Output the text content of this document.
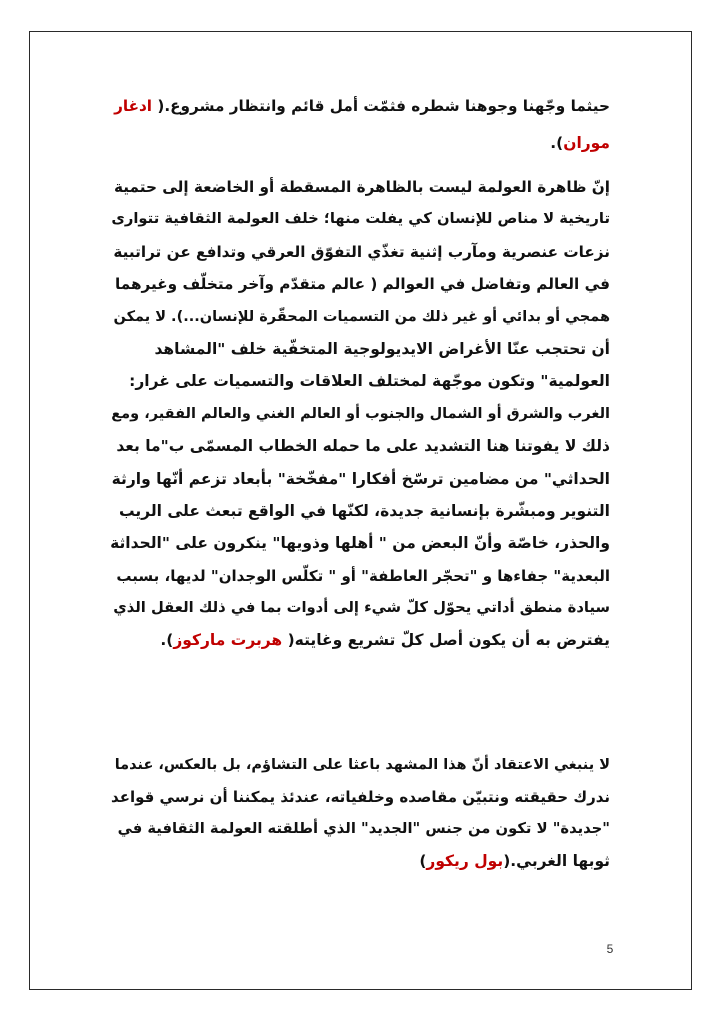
حيثما وجّهنا وجوهنا شطره فثمّت أمل قائم وانتظار مشروع.( ادغار
موران).
إنّ ظاهرة العولمة ليست بالظاهرة المسقطة أو الخاضعة إلى حتمية
تاريخية لا مناص للإنسان كي يفلت منها؛ خلف العولمة الثقافية تتوارى
نزعات عنصرية ومآرب إثنية تغذّي التفوّق العرقي وتدافع عن تراتبية
في العالم وتفاضل في العوالم ( عالم متقدّم وآخر متخلّف وغيرهما
همجي أو بدائي أو غير ذلك من التسميات المحقّرة للإنسان...). لا يمكن
أن تحتجب عنّا الأغراض الايديولوجية المتخفّية خلف "المشاهد
العولمية" وتكون موجّهة لمختلف العلاقات والتسميات على غرار:
الغرب والشرق أو الشمال والجنوب أو العالم الغني والعالم الفقير، ومع
ذلك لا يفوتنا هنا التشديد على ما حمله الخطاب المسمّى ب"ما بعد
الحداثي" من مضامين ترسّخ أفكارا "مفخّخة" بأبعاد تزعم أنّها وارثة
التنوير ومبشّرة بإنسانية جديدة، لكنّها في الواقع تبعث على الريب
والحذر، خاصّة وأنّ البعض من " أهلها وذويها" ينكرون على "الحداثة
البعدية" جفاءها و "تحجّر العاطفة" أو " تكلّس الوجدان" لديها، بسبب
سيادة منطق أداتي يحوّل كلّ شيء إلى أدوات بما في ذلك العقل الذي
يفترض به أن يكون أصل كلّ تشريع وغايته( هربرت ماركوز).
لا ينبغي الاعتقاد أنّ هذا المشهد باعثا على التشاؤم، بل بالعكس، عندما
ندرك حقيقته ونتبيّن مقاصده وخلفياته، عندئذ يمكننا أن نرسي قواعد
"جديدة" لا تكون من جنس "الجديد" الذي أطلقته العولمة الثقافية في
ثوبها الغربي.(بول ريكور)
5
